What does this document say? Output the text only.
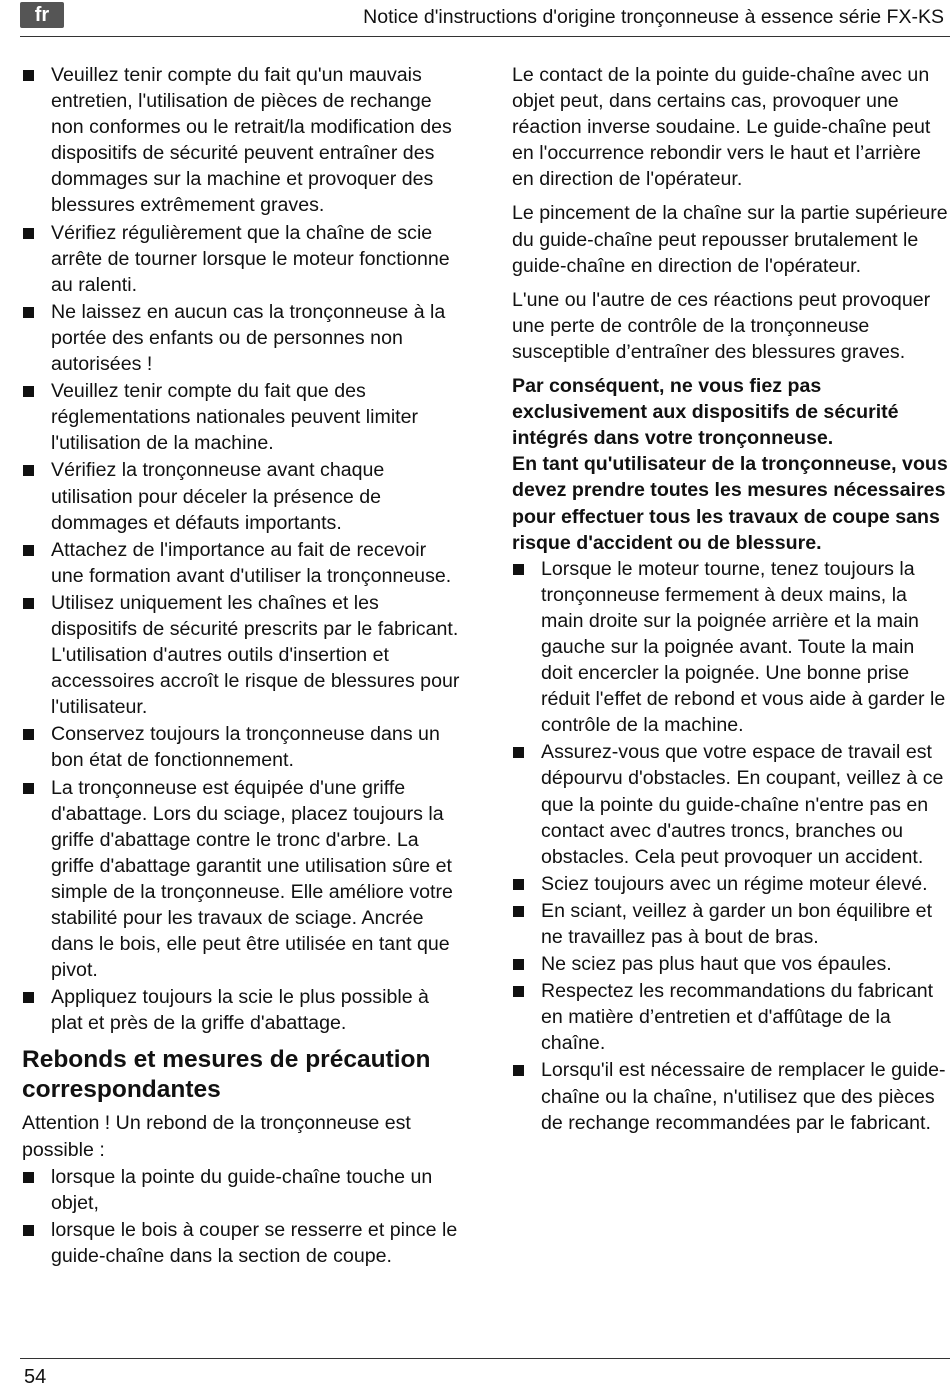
fr	Notice d'instructions d'origine tronçonneuse à essence série FX-KS
Veuillez tenir compte du fait qu'un mauvais entretien, l'utilisation de pièces de rechange non conformes ou le retrait/la modification des dispositifs de sécurité peuvent entraîner des dommages sur la machine et provoquer des blessures extrêmement graves.
Vérifiez régulièrement que la chaîne de scie arrête de tourner lorsque le moteur fonctionne au ralenti.
Ne laissez en aucun cas la tronçonneuse à la portée des enfants ou de personnes non autorisées !
Veuillez tenir compte du fait que des réglementations nationales peuvent limiter l'utilisation de la machine.
Vérifiez la tronçonneuse avant chaque utilisation pour déceler la présence de dommages et défauts importants.
Attachez de l'importance au fait de recevoir une formation avant d'utiliser la tronçonneuse.
Utilisez uniquement les chaînes et les dispositifs de sécurité prescrits par le fabricant. L'utilisation d'autres outils d'insertion et accessoires accroît le risque de blessures pour l'utilisateur.
Conservez toujours la tronçonneuse dans un bon état de fonctionnement.
La tronçonneuse est équipée d'une griffe d'abattage. Lors du sciage, placez toujours la griffe d'abattage contre le tronc d'arbre. La griffe d'abattage garantit une utilisation sûre et simple de la tronçonneuse. Elle améliore votre stabilité pour les travaux de sciage. Ancrée dans le bois, elle peut être utilisée en tant que pivot.
Appliquez toujours la scie le plus possible à plat et près de la griffe d'abattage.
Rebonds et mesures de précaution correspondantes

Attention ! Un rebond de la tronçonneuse est possible :

lorsque la pointe du guide-chaîne touche un objet,
lorsque le bois à couper se resserre et pince le guide-chaîne dans la section de coupe.

Le contact de la pointe du guide-chaîne avec un objet peut, dans certains cas, provoquer une réaction inverse soudaine. Le guide-chaîne peut en l'occurrence rebondir vers le haut et l’arrière en direction de l'opérateur.

Le pincement de la chaîne sur la partie supérieure du guide-chaîne peut repousser brutalement le guide-chaîne en direction de l'opérateur.

L'une ou l'autre de ces réactions peut provoquer une perte de contrôle de la tronçonneuse susceptible d’entraîner des blessures graves.

Par conséquent, ne vous fiez pas exclusivement aux dispositifs de sécurité intégrés dans votre tronçonneuse.

En tant qu'utilisateur de la tronçonneuse, vous devez prendre toutes les mesures nécessaires pour effectuer tous les travaux de coupe sans risque d'accident ou de blessure.

Lorsque le moteur tourne, tenez toujours la tronçonneuse fermement à deux mains, la main droite sur la poignée arrière et la main gauche sur la poignée avant. Toute la main doit encercler la poignée. Une bonne prise réduit l'effet de rebond et vous aide à garder le contrôle de la machine.
Assurez-vous que votre espace de travail est dépourvu d'obstacles. En coupant, veillez à ce que la pointe du guide-chaîne n'entre pas en contact avec d'autres troncs, branches ou obstacles. Cela peut provoquer un accident.
Sciez toujours avec un régime moteur élevé.
En sciant, veillez à garder un bon équilibre et ne travaillez pas à bout de bras.
Ne sciez pas plus haut que vos épaules.
Respectez les recommandations du fabricant en matière d’entretien et d'affûtage de la chaîne.
Lorsqu'il est nécessaire de remplacer le guide-chaîne ou la chaîne, n'utilisez que des pièces de rechange recommandées par le fabricant.
54
